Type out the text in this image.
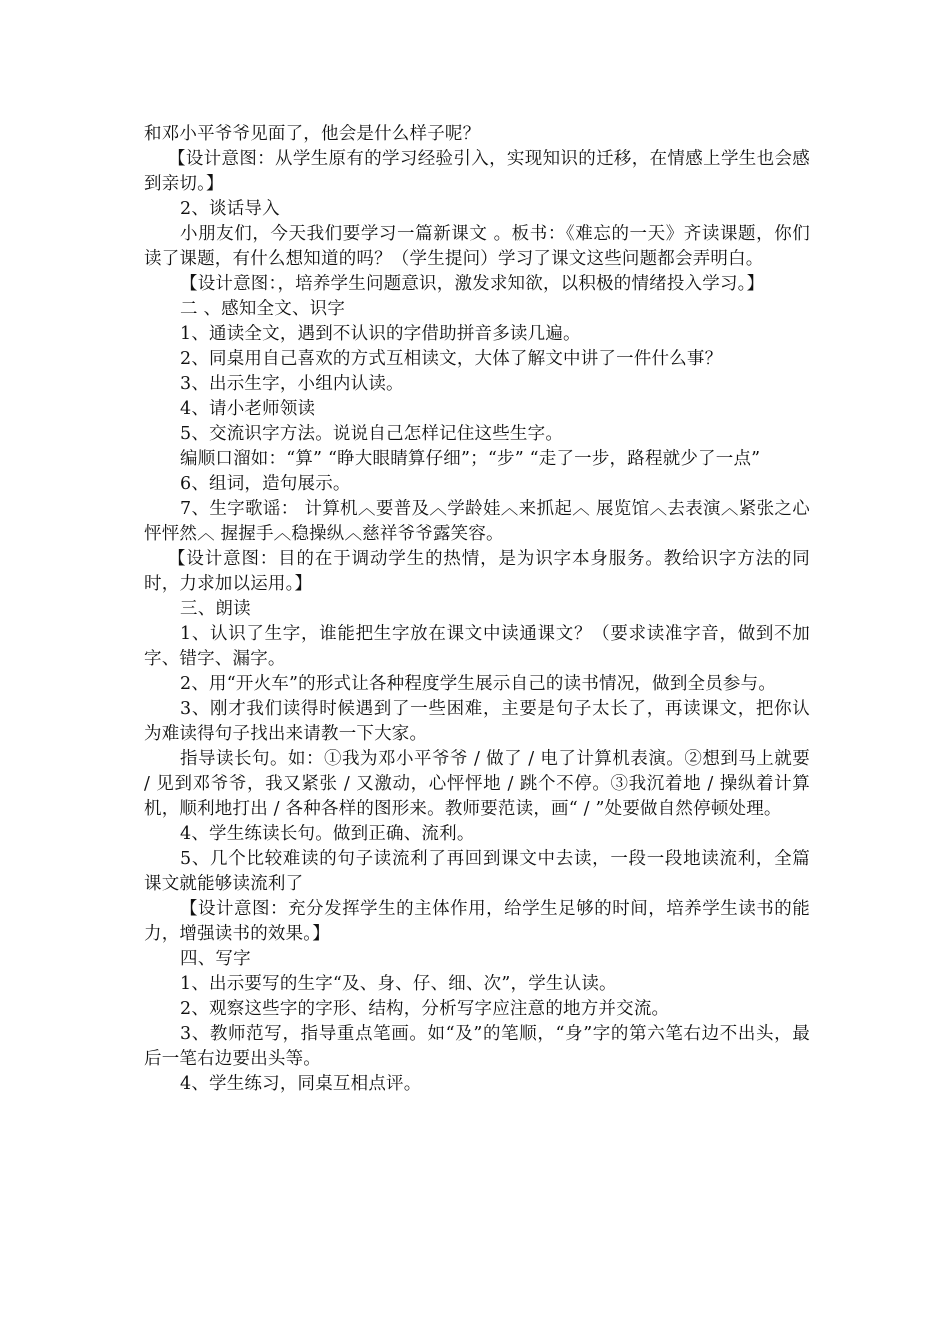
和邓小平爷爷见面了，他会是什么样子呢？

【设计意图：从学生原有的学习经验引入，实现知识的迁移，在情感上学生也会感到亲切。】

2、谈话导入

小朋友们，今天我们要学习一篇新课文 。板书：《难忘的一天》齐读课题，你们读了课题，有什么想知道的吗？（学生提问）学习了课文这些问题都会弄明白。

【设计意图：，培养学生问题意识，激发求知欲，以积极的情绪投入学习。】

二 、感知全文、识字

1、通读全文，遇到不认识的字借助拼音多读几遍。

2、同桌用自己喜欢的方式互相读文，大体了解文中讲了一件什么事？

3、出示生字，小组内认读。

4、请小老师领读

5、交流识字方法。说说自己怎样记住这些生字。

编顺口溜如：“算” “睁大眼睛算仔细”；“步” “走了一步，路程就少了一点”

6、组词，造句展示。

7、生字歌谣： 计算机︿要普及︿学龄娃︿来抓起︿ 展览馆︿去表演︿紧张之心怦怦然︿ 握握手︿稳操纵︿慈祥爷爷露笑容。

【设计意图：目的在于调动学生的热情，是为识字本身服务。教给识字方法的同时，力求加以运用。】

三、朗读

1、认识了生字，谁能把生字放在课文中读通课文？（要求读准字音，做到不加字、错字、漏字。

2、用“开火车”的形式让各种程度学生展示自己的读书情况，做到全员参与。

3、刚才我们读得时候遇到了一些困难，主要是句子太长了，再读课文，把你认为难读得句子找出来请教一下大家。

指导读长句。如：①我为邓小平爷爷 / 做了 / 电了计算机表演。②想到马上就要 / 见到邓爷爷，我又紧张 / 又激动，心怦怦地 / 跳个不停。③我沉着地 / 操纵着计算机，顺利地打出 / 各种各样的图形来。教师要范读，画“ / ”处要做自然停顿处理。

4、学生练读长句。做到正确、流利。

5、几个比较难读的句子读流利了再回到课文中去读，一段一段地读流利，全篇课文就能够读流利了

【设计意图：充分发挥学生的主体作用，给学生足够的时间，培养学生读书的能力，增强读书的效果。】

四、写字

1、出示要写的生字“及、身、仔、细、次”，学生认读。

2、观察这些字的字形、结构，分析写字应注意的地方并交流。

3、教师范写，指导重点笔画。如“及”的笔顺，“身”字的第六笔右边不出头，最后一笔右边要出头等。

4、学生练习，同桌互相点评。
